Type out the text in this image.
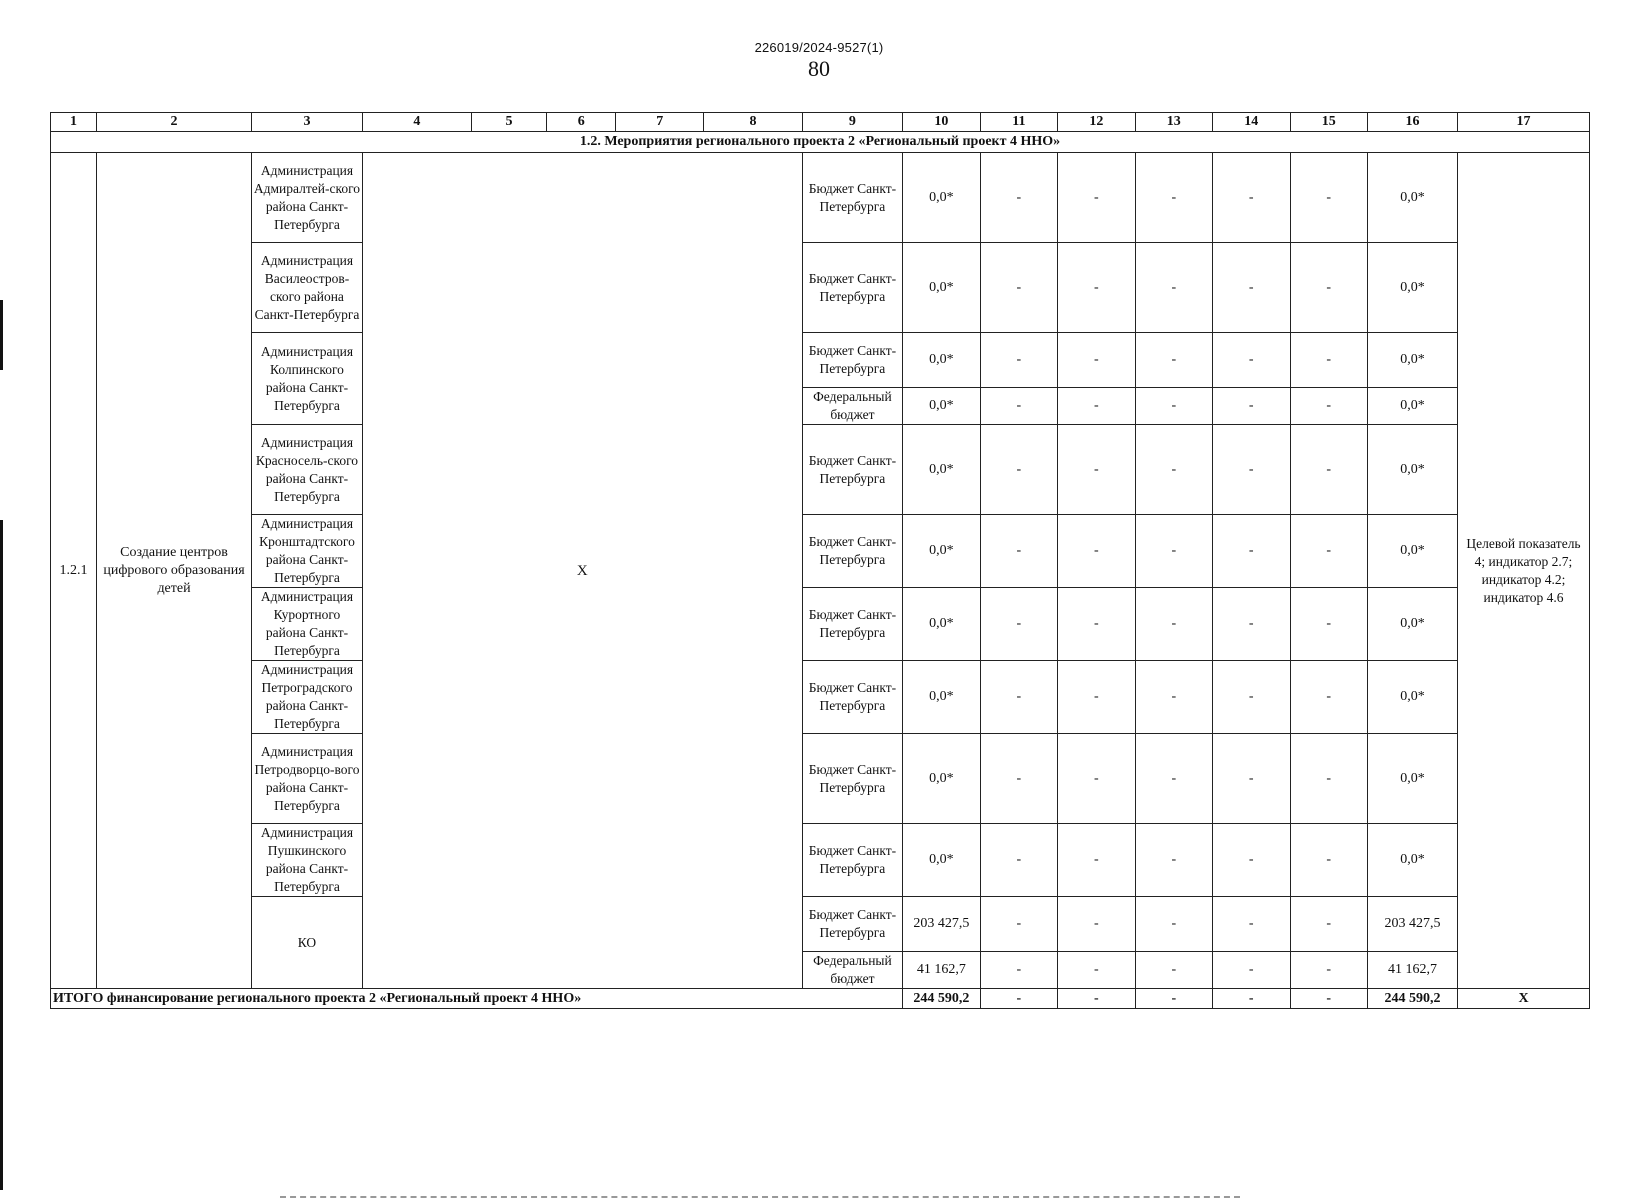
226019/2024-9527(1)
80
1	2	3	4	5	6	7	8	9	10	11	12	13	14	15	16	17
1.2. Мероприятия регионального проекта 2 «Региональный проект 4 ННО»																
1.2.1	Создание центров цифрового образования детей	Администрация Адмиралтей-ского района Санкт-Петербурга	X					Бюджет Санкт-Петербурга	0,0*	-	-	-	-	-	0,0*	Целевой показатель 4; индикатор 2.7; индикатор 4.2; индикатор 4.6
		Администрация Василеостров-ского района Санкт-Петербурга						Бюджет Санкт-Петербурга	0,0*	-	-	-	-	-	0,0*	
		Администрация Колпинского района Санкт-Петербурга						Бюджет Санкт-Петербурга	0,0*	-	-	-	-	-	0,0*	
								Федеральный бюджет	0,0*	-	-	-	-	-	0,0*	
		Администрация Красносель-ского района Санкт-Петербурга						Бюджет Санкт-Петербурга	0,0*	-	-	-	-	-	0,0*	
		Администрация Кронштадтского района Санкт-Петербурга						Бюджет Санкт-Петербурга	0,0*	-	-	-	-	-	0,0*	
		Администрация Курортного района Санкт-Петербурга						Бюджет Санкт-Петербурга	0,0*	-	-	-	-	-	0,0*	
		Администрация Петроградского района Санкт-Петербурга						Бюджет Санкт-Петербурга	0,0*	-	-	-	-	-	0,0*	
		Администрация Петродворцо-вого района Санкт-Петербурга						Бюджет Санкт-Петербурга	0,0*	-	-	-	-	-	0,0*	
		Администрация Пушкинского района Санкт-Петербурга						Бюджет Санкт-Петербурга	0,0*	-	-	-	-	-	0,0*	
		КО						Бюджет Санкт-Петербурга	203 427,5	-	-	-	-	-	203 427,5	
								Федеральный бюджет	41 162,7	-	-	-	-	-	41 162,7	
ИТОГО финансирование регионального проекта 2 «Региональный проект 4 ННО»									244 590,2	-	-	-	-	-	244 590,2	X
